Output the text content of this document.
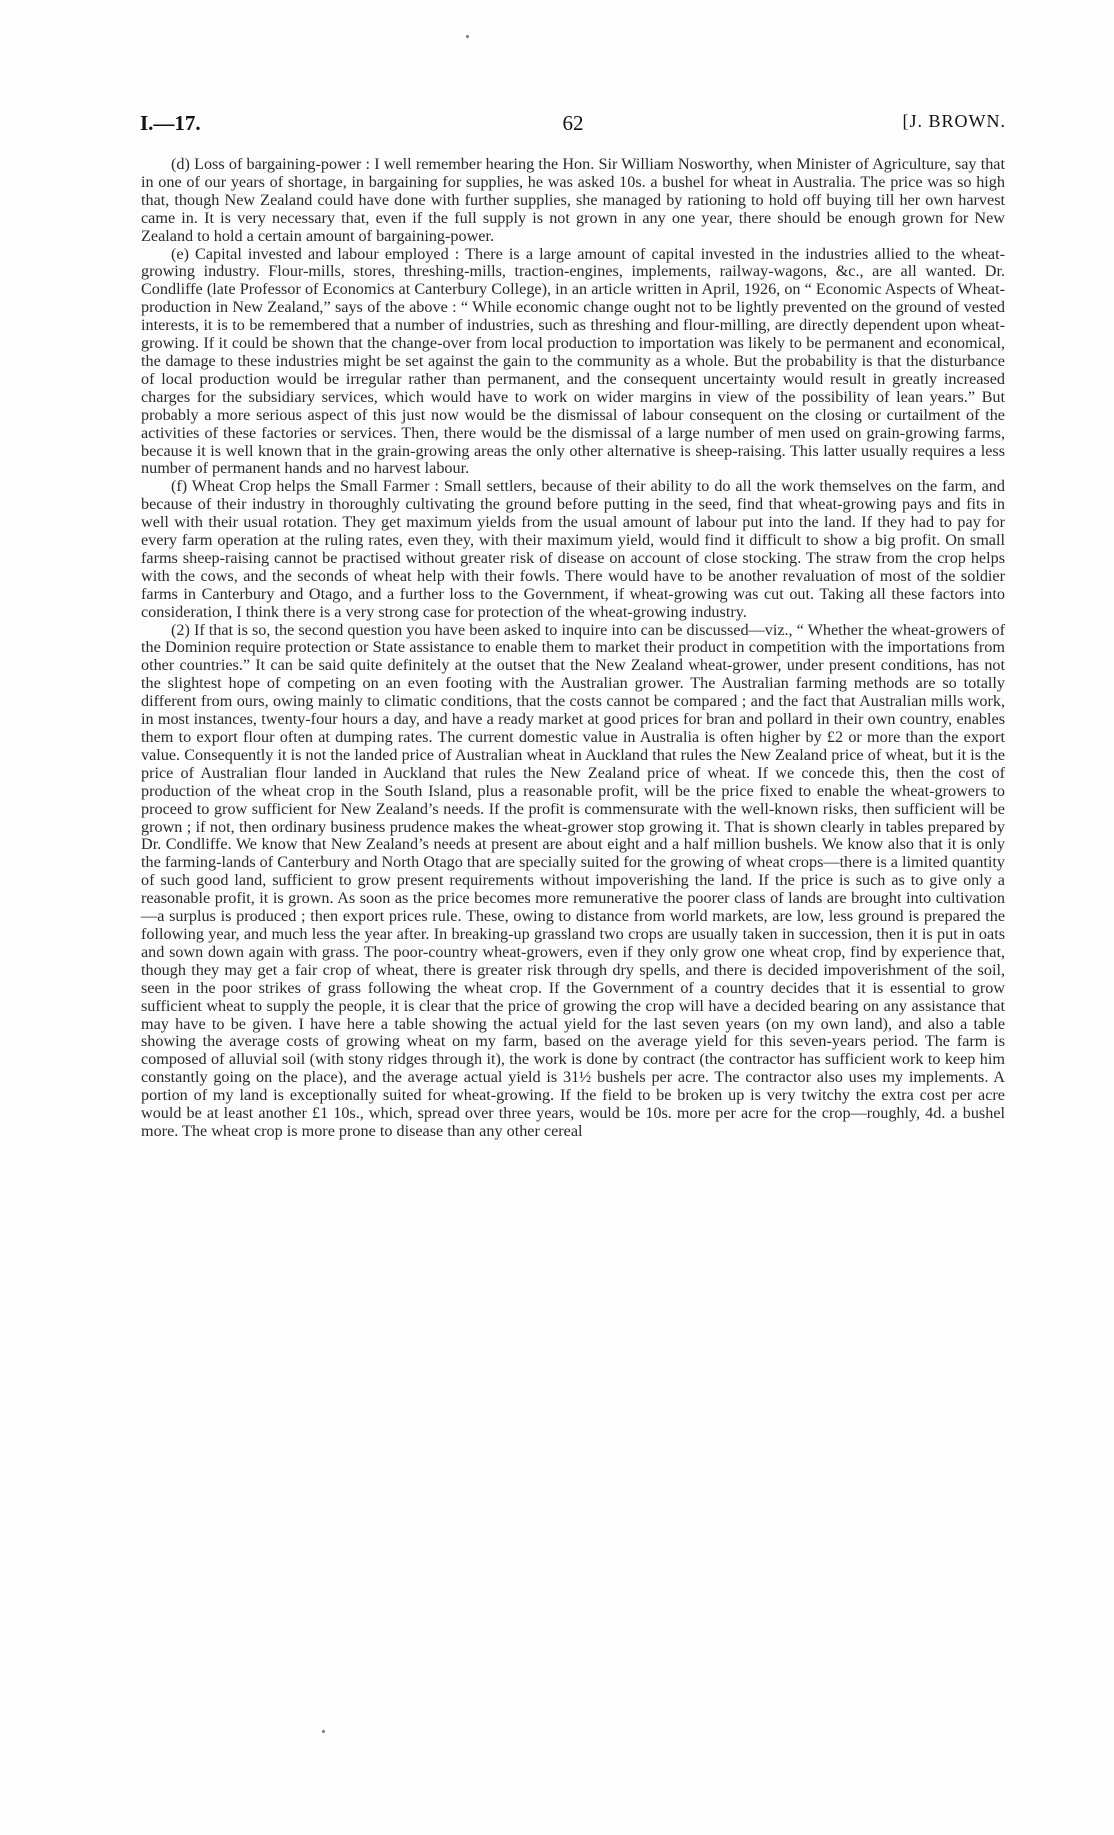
I.—17.	62	[J. BROWN.

(d) Loss of bargaining-power : I well remember hearing the Hon. Sir William Nosworthy, when Minister of Agriculture, say that in one of our years of shortage, in bargaining for supplies, he was asked 10s. a bushel for wheat in Australia. The price was so high that, though New Zealand could have done with further supplies, she managed by rationing to hold off buying till her own harvest came in. It is very necessary that, even if the full supply is not grown in any one year, there should be enough grown for New Zealand to hold a certain amount of bargaining-power.

(e) Capital invested and labour employed : There is a large amount of capital invested in the industries allied to the wheat-growing industry. Flour-mills, stores, threshing-mills, traction-engines, implements, railway-wagons, &c., are all wanted. Dr. Condliffe (late Professor of Economics at Canterbury College), in an article written in April, 1926, on “ Economic Aspects of Wheat-production in New Zealand,” says of the above : “ While economic change ought not to be lightly prevented on the ground of vested interests, it is to be remembered that a number of industries, such as threshing and flour-milling, are directly dependent upon wheat-growing. If it could be shown that the change-over from local production to importation was likely to be permanent and economical, the damage to these industries might be set against the gain to the community as a whole. But the probability is that the disturbance of local production would be irregular rather than permanent, and the consequent uncertainty would result in greatly increased charges for the subsidiary services, which would have to work on wider margins in view of the possibility of lean years.” But probably a more serious aspect of this just now would be the dismissal of labour consequent on the closing or curtailment of the activities of these factories or services. Then, there would be the dismissal of a large number of men used on grain-growing farms, because it is well known that in the grain-growing areas the only other alternative is sheep-raising. This latter usually requires a less number of permanent hands and no harvest labour.

(f) Wheat Crop helps the Small Farmer : Small settlers, because of their ability to do all the work themselves on the farm, and because of their industry in thoroughly cultivating the ground before putting in the seed, find that wheat-growing pays and fits in well with their usual rotation. They get maximum yields from the usual amount of labour put into the land. If they had to pay for every farm operation at the ruling rates, even they, with their maximum yield, would find it difficult to show a big profit. On small farms sheep-raising cannot be practised without greater risk of disease on account of close stocking. The straw from the crop helps with the cows, and the seconds of wheat help with their fowls. There would have to be another revaluation of most of the soldier farms in Canterbury and Otago, and a further loss to the Government, if wheat-growing was cut out. Taking all these factors into consideration, I think there is a very strong case for protection of the wheat-growing industry.

(2) If that is so, the second question you have been asked to inquire into can be discussed—viz., “ Whether the wheat-growers of the Dominion require protection or State assistance to enable them to market their product in competition with the importations from other countries.” It can be said quite definitely at the outset that the New Zealand wheat-grower, under present conditions, has not the slightest hope of competing on an even footing with the Australian grower. The Australian farming methods are so totally different from ours, owing mainly to climatic conditions, that the costs cannot be compared ; and the fact that Australian mills work, in most instances, twenty-four hours a day, and have a ready market at good prices for bran and pollard in their own country, enables them to export flour often at dumping rates. The current domestic value in Australia is often higher by £2 or more than the export value. Consequently it is not the landed price of Australian wheat in Auckland that rules the New Zealand price of wheat, but it is the price of Australian flour landed in Auckland that rules the New Zealand price of wheat. If we concede this, then the cost of production of the wheat crop in the South Island, plus a reasonable profit, will be the price fixed to enable the wheat-growers to proceed to grow sufficient for New Zealand’s needs. If the profit is commensurate with the well-known risks, then sufficient will be grown ; if not, then ordinary business prudence makes the wheat-grower stop growing it. That is shown clearly in tables prepared by Dr. Condliffe. We know that New Zealand’s needs at present are about eight and a half million bushels. We know also that it is only the farming-lands of Canterbury and North Otago that are specially suited for the growing of wheat crops—there is a limited quantity of such good land, sufficient to grow present requirements without impoverishing the land. If the price is such as to give only a reasonable profit, it is grown. As soon as the price becomes more remunerative the poorer class of lands are brought into cultivation—a surplus is produced ; then export prices rule. These, owing to distance from world markets, are low, less ground is prepared the following year, and much less the year after. In breaking-up grassland two crops are usually taken in succession, then it is put in oats and sown down again with grass. The poor-country wheat-growers, even if they only grow one wheat crop, find by experience that, though they may get a fair crop of wheat, there is greater risk through dry spells, and there is decided impoverishment of the soil, seen in the poor strikes of grass following the wheat crop. If the Government of a country decides that it is essential to grow sufficient wheat to supply the people, it is clear that the price of growing the crop will have a decided bearing on any assistance that may have to be given. I have here a table showing the actual yield for the last seven years (on my own land), and also a table showing the average costs of growing wheat on my farm, based on the average yield for this seven-years period. The farm is composed of alluvial soil (with stony ridges through it), the work is done by contract (the contractor has sufficient work to keep him constantly going on the place), and the average actual yield is 31½ bushels per acre. The contractor also uses my implements. A portion of my land is exceptionally suited for wheat-growing. If the field to be broken up is very twitchy the extra cost per acre would be at least another £1 10s., which, spread over three years, would be 10s. more per acre for the crop—roughly, 4d. a bushel more. The wheat crop is more prone to disease than any other cereal
